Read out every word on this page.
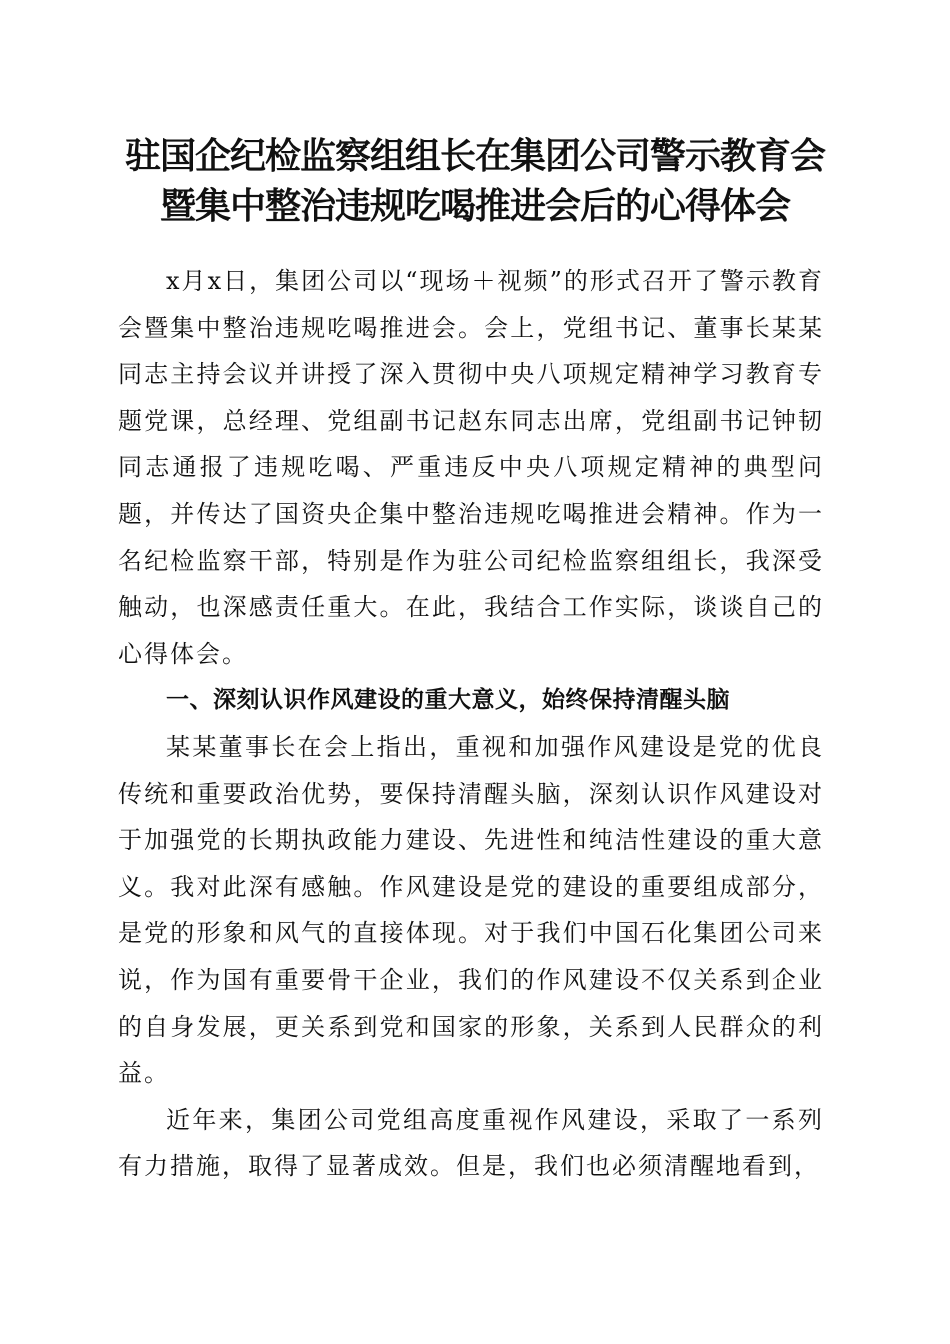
驻国企纪检监察组组长在集团公司警示教育会
暨集中整治违规吃喝推进会后的心得体会

x月x日，集团公司以“现场＋视频”的形式召开了警示教育会暨集中整治违规吃喝推进会。会上，党组书记、董事长某某同志主持会议并讲授了深入贯彻中央八项规定精神学习教育专题党课，总经理、党组副书记赵东同志出席，党组副书记钟韧同志通报了违规吃喝、严重违反中央八项规定精神的典型问题，并传达了国资央企集中整治违规吃喝推进会精神。作为一名纪检监察干部，特别是作为驻公司纪检监察组组长，我深受触动，也深感责任重大。在此，我结合工作实际，谈谈自己的心得体会。

一、深刻认识作风建设的重大意义，始终保持清醒头脑

某某董事长在会上指出，重视和加强作风建设是党的优良传统和重要政治优势，要保持清醒头脑，深刻认识作风建设对于加强党的长期执政能力建设、先进性和纯洁性建设的重大意义。我对此深有感触。作风建设是党的建设的重要组成部分，是党的形象和风气的直接体现。对于我们中国石化集团公司来说，作为国有重要骨干企业，我们的作风建设不仅关系到企业的自身发展，更关系到党和国家的形象，关系到人民群众的利益。

近年来，集团公司党组高度重视作风建设，采取了一系列有力措施，取得了显著成效。但是，我们也必须清醒地看到，
